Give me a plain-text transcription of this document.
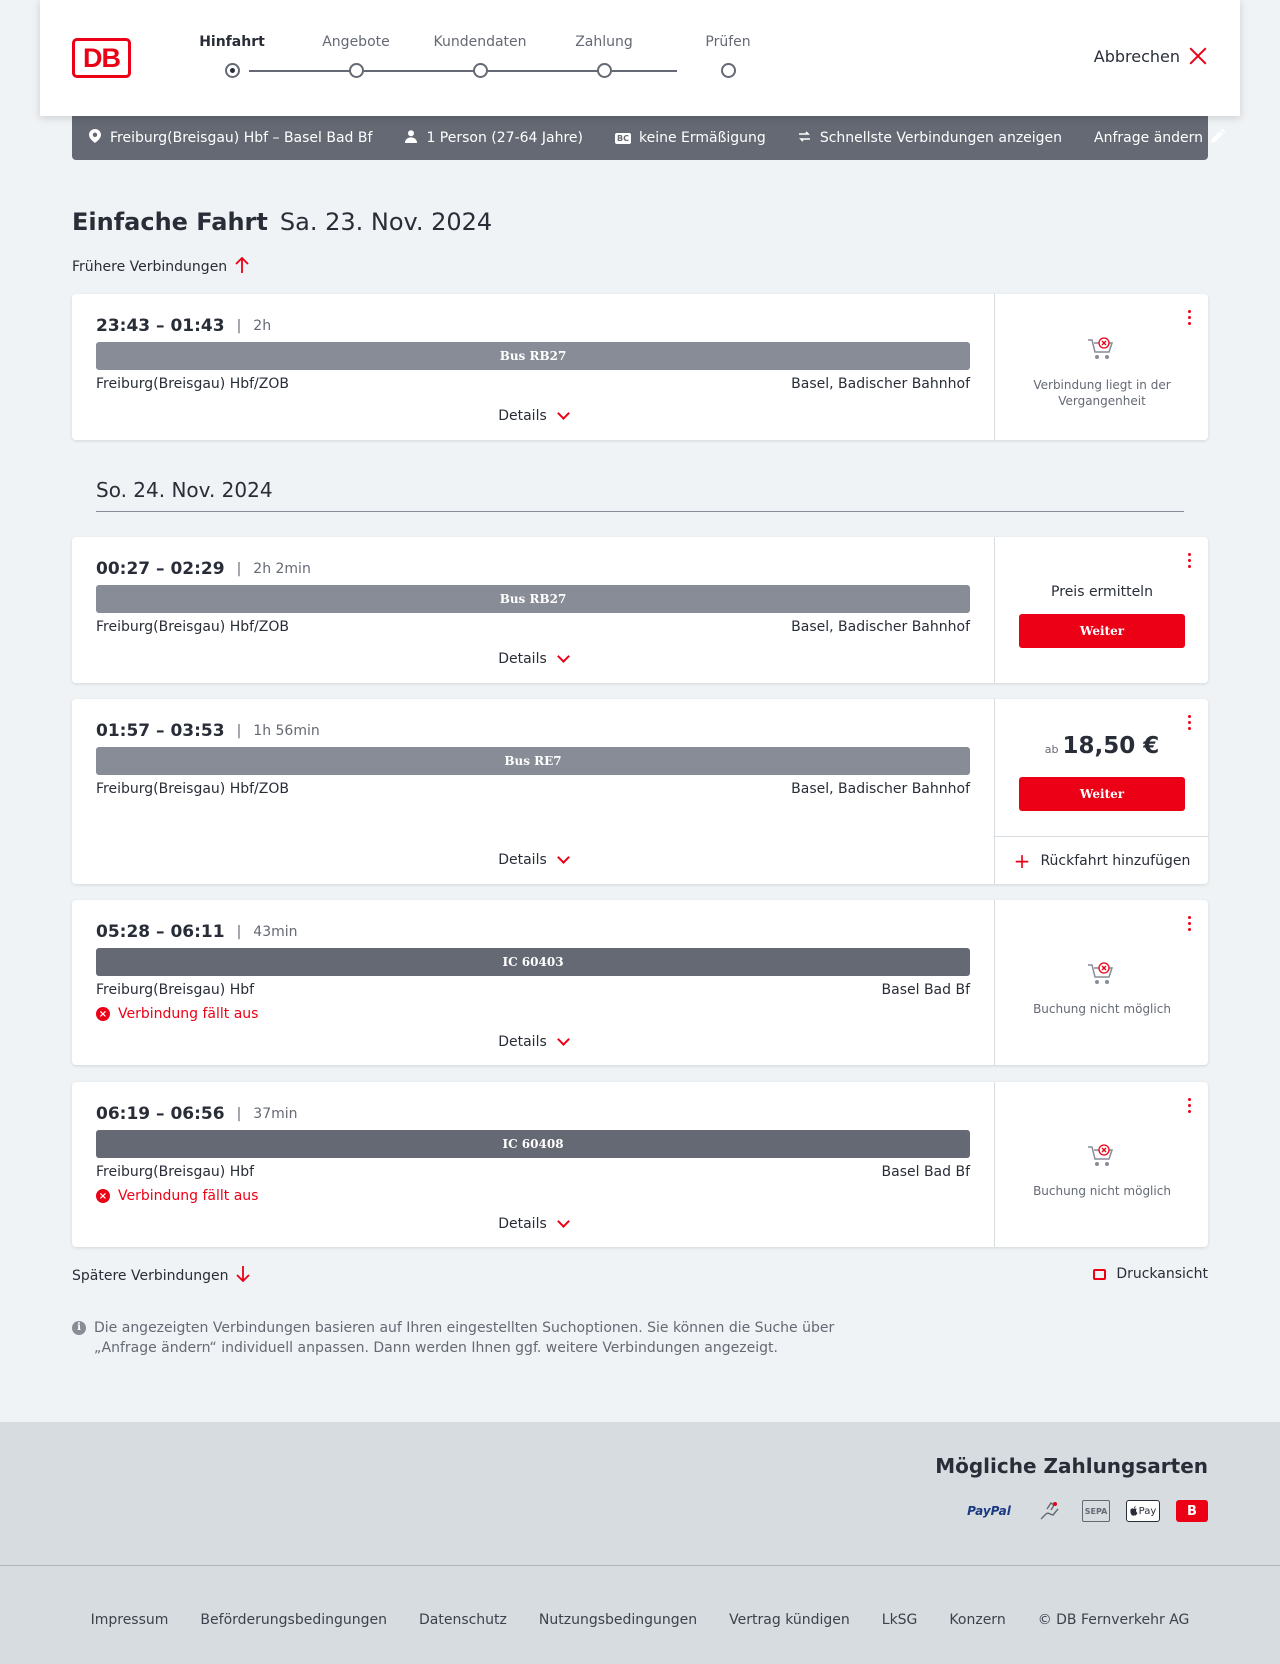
DB
Hinfahrt	Angebote	Kundendaten	Zahlung	Prüfen
Abbrechen
Freiburg(Breisgau) Hbf – Basel Bad Bf	1 Person (27-64 Jahre)	BC keine Ermäßigung	Schnellste Verbindungen anzeigen Anfrage ändern
Einfache Fahrt Sa. 23. Nov. 2024
Frühere Verbindungen
23:43 – 01:43 | 2h
Bus RB27
Freiburg(Breisgau) Hbf/ZOB	Basel, Badischer Bahnhof
Details
Verbindung liegt in der Vergangenheit
So. 24. Nov. 2024
00:27 – 02:29 | 2h 2min
Bus RB27
Freiburg(Breisgau) Hbf/ZOB	Basel, Badischer Bahnhof
Details
Preis ermitteln
Weiter
01:57 – 03:53 | 1h 56min
Bus RE7
Freiburg(Breisgau) Hbf/ZOB	Basel, Badischer Bahnhof
Details
ab 18,50 €
Weiter
+ Rückfahrt hinzufügen
05:28 – 06:11 | 43min
IC 60403
Freiburg(Breisgau) Hbf	Basel Bad Bf
× Verbindung fällt aus
Details
Buchung nicht möglich
06:19 – 06:56 | 37min
IC 60408
Freiburg(Breisgau) Hbf	Basel Bad Bf
× Verbindung fällt aus
Details
Buchung nicht möglich
Spätere Verbindungen	Druckansicht
i Die angezeigten Verbindungen basieren auf Ihren eingestellten Suchoptionen. Sie können die Suche über „Anfrage ändern“ individuell anpassen. Dann werden Ihnen ggf. weitere Verbindungen angezeigt.
Mögliche Zahlungsarten
PayPal	SEPA	Pay	B
Impressum Beförderungsbedingungen Datenschutz Nutzungsbedingungen Vertrag kündigen LkSG Konzern © DB Fernverkehr AG
